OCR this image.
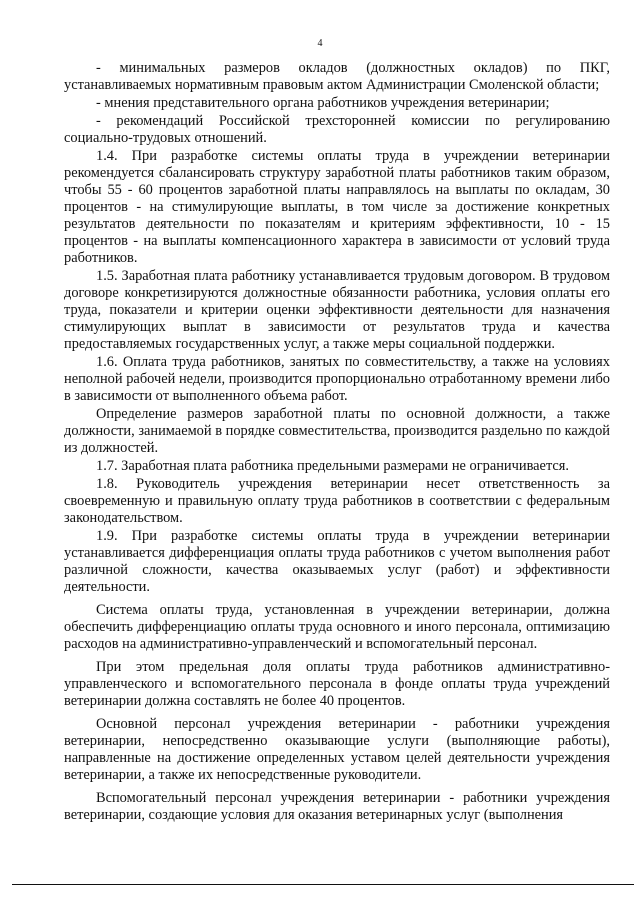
4

- минимальных размеров окладов (должностных окладов) по ПКГ, устанавливаемых нормативным правовым актом Администрации Смоленской области;

- мнения представительного органа работников учреждения ветеринарии;

- рекомендаций Российской трехсторонней комиссии по регулированию социально-трудовых отношений.

1.4. При разработке системы оплаты труда в учреждении ветеринарии рекомендуется сбалансировать структуру заработной платы работников таким образом, чтобы 55 - 60 процентов заработной платы направлялось на выплаты по окладам, 30 процентов - на стимулирующие выплаты, в том числе за достижение конкретных результатов деятельности по показателям и критериям эффективности, 10 - 15 процентов - на выплаты компенсационного характера в зависимости от условий труда работников.

1.5. Заработная плата работнику устанавливается трудовым договором. В трудовом договоре конкретизируются должностные обязанности работника, условия оплаты его труда, показатели и критерии оценки эффективности деятельности для назначения стимулирующих выплат в зависимости от результатов труда и качества предоставляемых государственных услуг, а также меры социальной поддержки.

1.6. Оплата труда работников, занятых по совместительству, а также на условиях неполной рабочей недели, производится пропорционально отработанному времени либо в зависимости от выполненного объема работ.

Определение размеров заработной платы по основной должности, а также должности, занимаемой в порядке совместительства, производится раздельно по каждой из должностей.

1.7. Заработная плата работника предельными размерами не ограничивается.

1.8. Руководитель учреждения ветеринарии несет ответственность за своевременную и правильную оплату труда работников в соответствии с федеральным законодательством.

1.9. При разработке системы оплаты труда в учреждении ветеринарии устанавливается дифференциация оплаты труда работников с учетом выполнения работ различной сложности, качества оказываемых услуг (работ) и эффективности деятельности.

Система оплаты труда, установленная в учреждении ветеринарии, должна обеспечить дифференциацию оплаты труда основного и иного персонала, оптимизацию расходов на административно-управленческий и вспомогательный персонал.

При этом предельная доля оплаты труда работников административно-управленческого и вспомогательного персонала в фонде оплаты труда учреждений ветеринарии должна составлять не более 40 процентов.

Основной персонал учреждения ветеринарии - работники учреждения ветеринарии, непосредственно оказывающие услуги (выполняющие работы), направленные на достижение определенных уставом целей деятельности учреждения ветеринарии, а также их непосредственные руководители.

Вспомогательный персонал учреждения ветеринарии - работники учреждения ветеринарии, создающие условия для оказания ветеринарных услуг (выполнения
